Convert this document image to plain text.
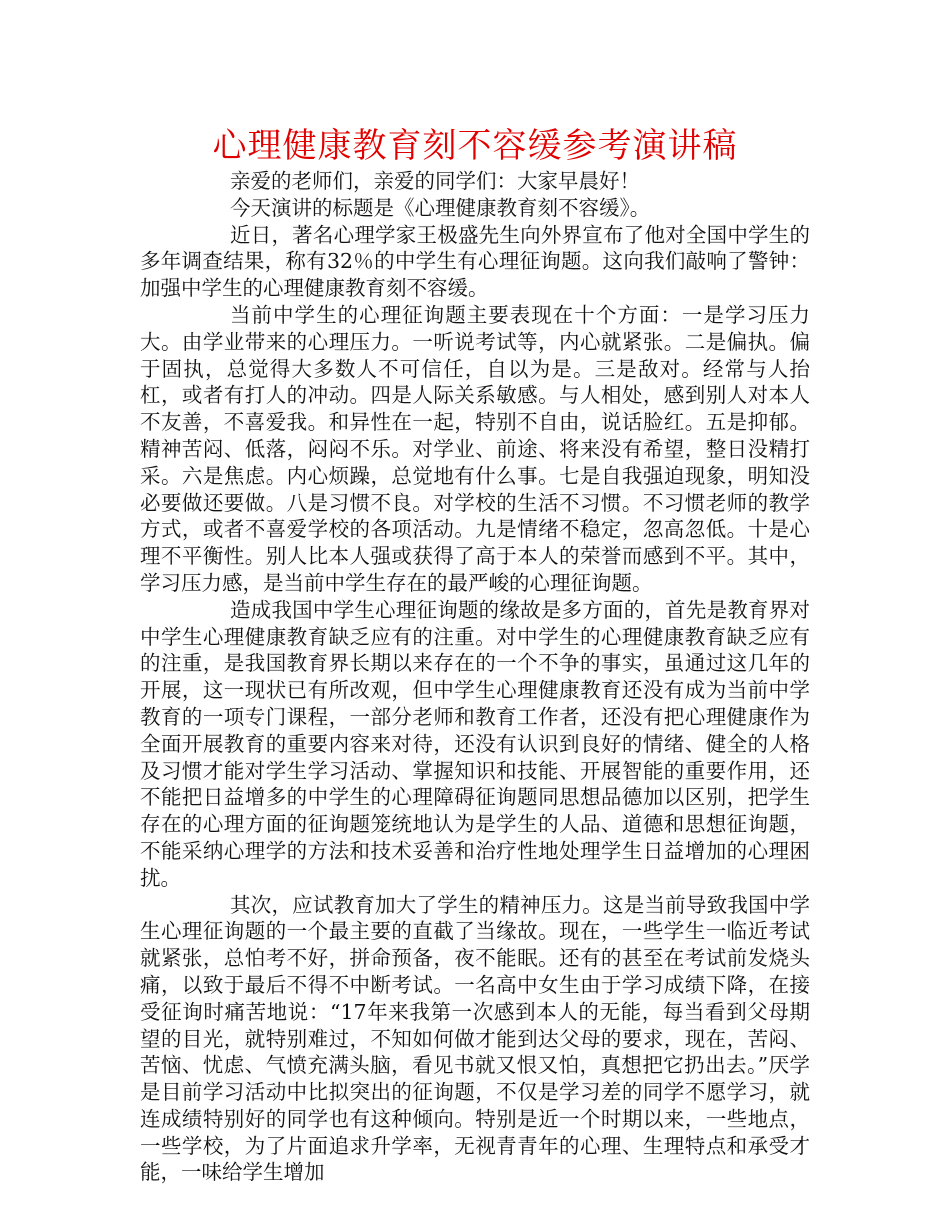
心理健康教育刻不容缓参考演讲稿

亲爱的老师们，亲爱的同学们：大家早晨好！

今天演讲的标题是《心理健康教育刻不容缓》。

近日，著名心理学家王极盛先生向外界宣布了他对全国中学生的多年调查结果，称有32％的中学生有心理征询题。这向我们敲响了警钟：加强中学生的心理健康教育刻不容缓。

当前中学生的心理征询题主要表现在十个方面：一是学习压力大。由学业带来的心理压力。一听说考试等，内心就紧张。二是偏执。偏于固执，总觉得大多数人不可信任，自以为是。三是敌对。经常与人抬杠，或者有打人的冲动。四是人际关系敏感。与人相处，感到别人对本人不友善，不喜爱我。和异性在一起，特别不自由，说话脸红。五是抑郁。精神苦闷、低落，闷闷不乐。对学业、前途、将来没有希望，整日没精打采。六是焦虑。内心烦躁，总觉地有什么事。七是自我强迫现象，明知没必要做还要做。八是习惯不良。对学校的生活不习惯。不习惯老师的教学方式，或者不喜爱学校的各项活动。九是情绪不稳定，忽高忽低。十是心理不平衡性。别人比本人强或获得了高于本人的荣誉而感到不平。其中，学习压力感，是当前中学生存在的最严峻的心理征询题。

造成我国中学生心理征询题的缘故是多方面的，首先是教育界对中学生心理健康教育缺乏应有的注重。对中学生的心理健康教育缺乏应有的注重，是我国教育界长期以来存在的一个不争的事实，虽通过这几年的开展，这一现状已有所改观，但中学生心理健康教育还没有成为当前中学教育的一项专门课程，一部分老师和教育工作者，还没有把心理健康作为全面开展教育的重要内容来对待，还没有认识到良好的情绪、健全的人格及习惯才能对学生学习活动、掌握知识和技能、开展智能的重要作用，还不能把日益增多的中学生的心理障碍征询题同思想品德加以区别，把学生存在的心理方面的征询题笼统地认为是学生的人品、道德和思想征询题，不能采纳心理学的方法和技术妥善和治疗性地处理学生日益增加的心理困扰。

其次，应试教育加大了学生的精神压力。这是当前导致我国中学生心理征询题的一个最主要的直截了当缘故。现在，一些学生一临近考试就紧张，总怕考不好，拼命预备，夜不能眠。还有的甚至在考试前发烧头痛，以致于最后不得不中断考试。一名高中女生由于学习成绩下降，在接受征询时痛苦地说：“17年来我第一次感到本人的无能，每当看到父母期望的目光，就特别难过，不知如何做才能到达父母的要求，现在，苦闷、苦恼、忧虑、气愤充满头脑，看见书就又恨又怕，真想把它扔出去。”厌学是目前学习活动中比拟突出的征询题，不仅是学习差的同学不愿学习，就连成绩特别好的同学也有这种倾向。特别是近一个时期以来，一些地点，一些学校，为了片面追求升学率，无视青青年的心理、生理特点和承受才能，一味给学生增加
